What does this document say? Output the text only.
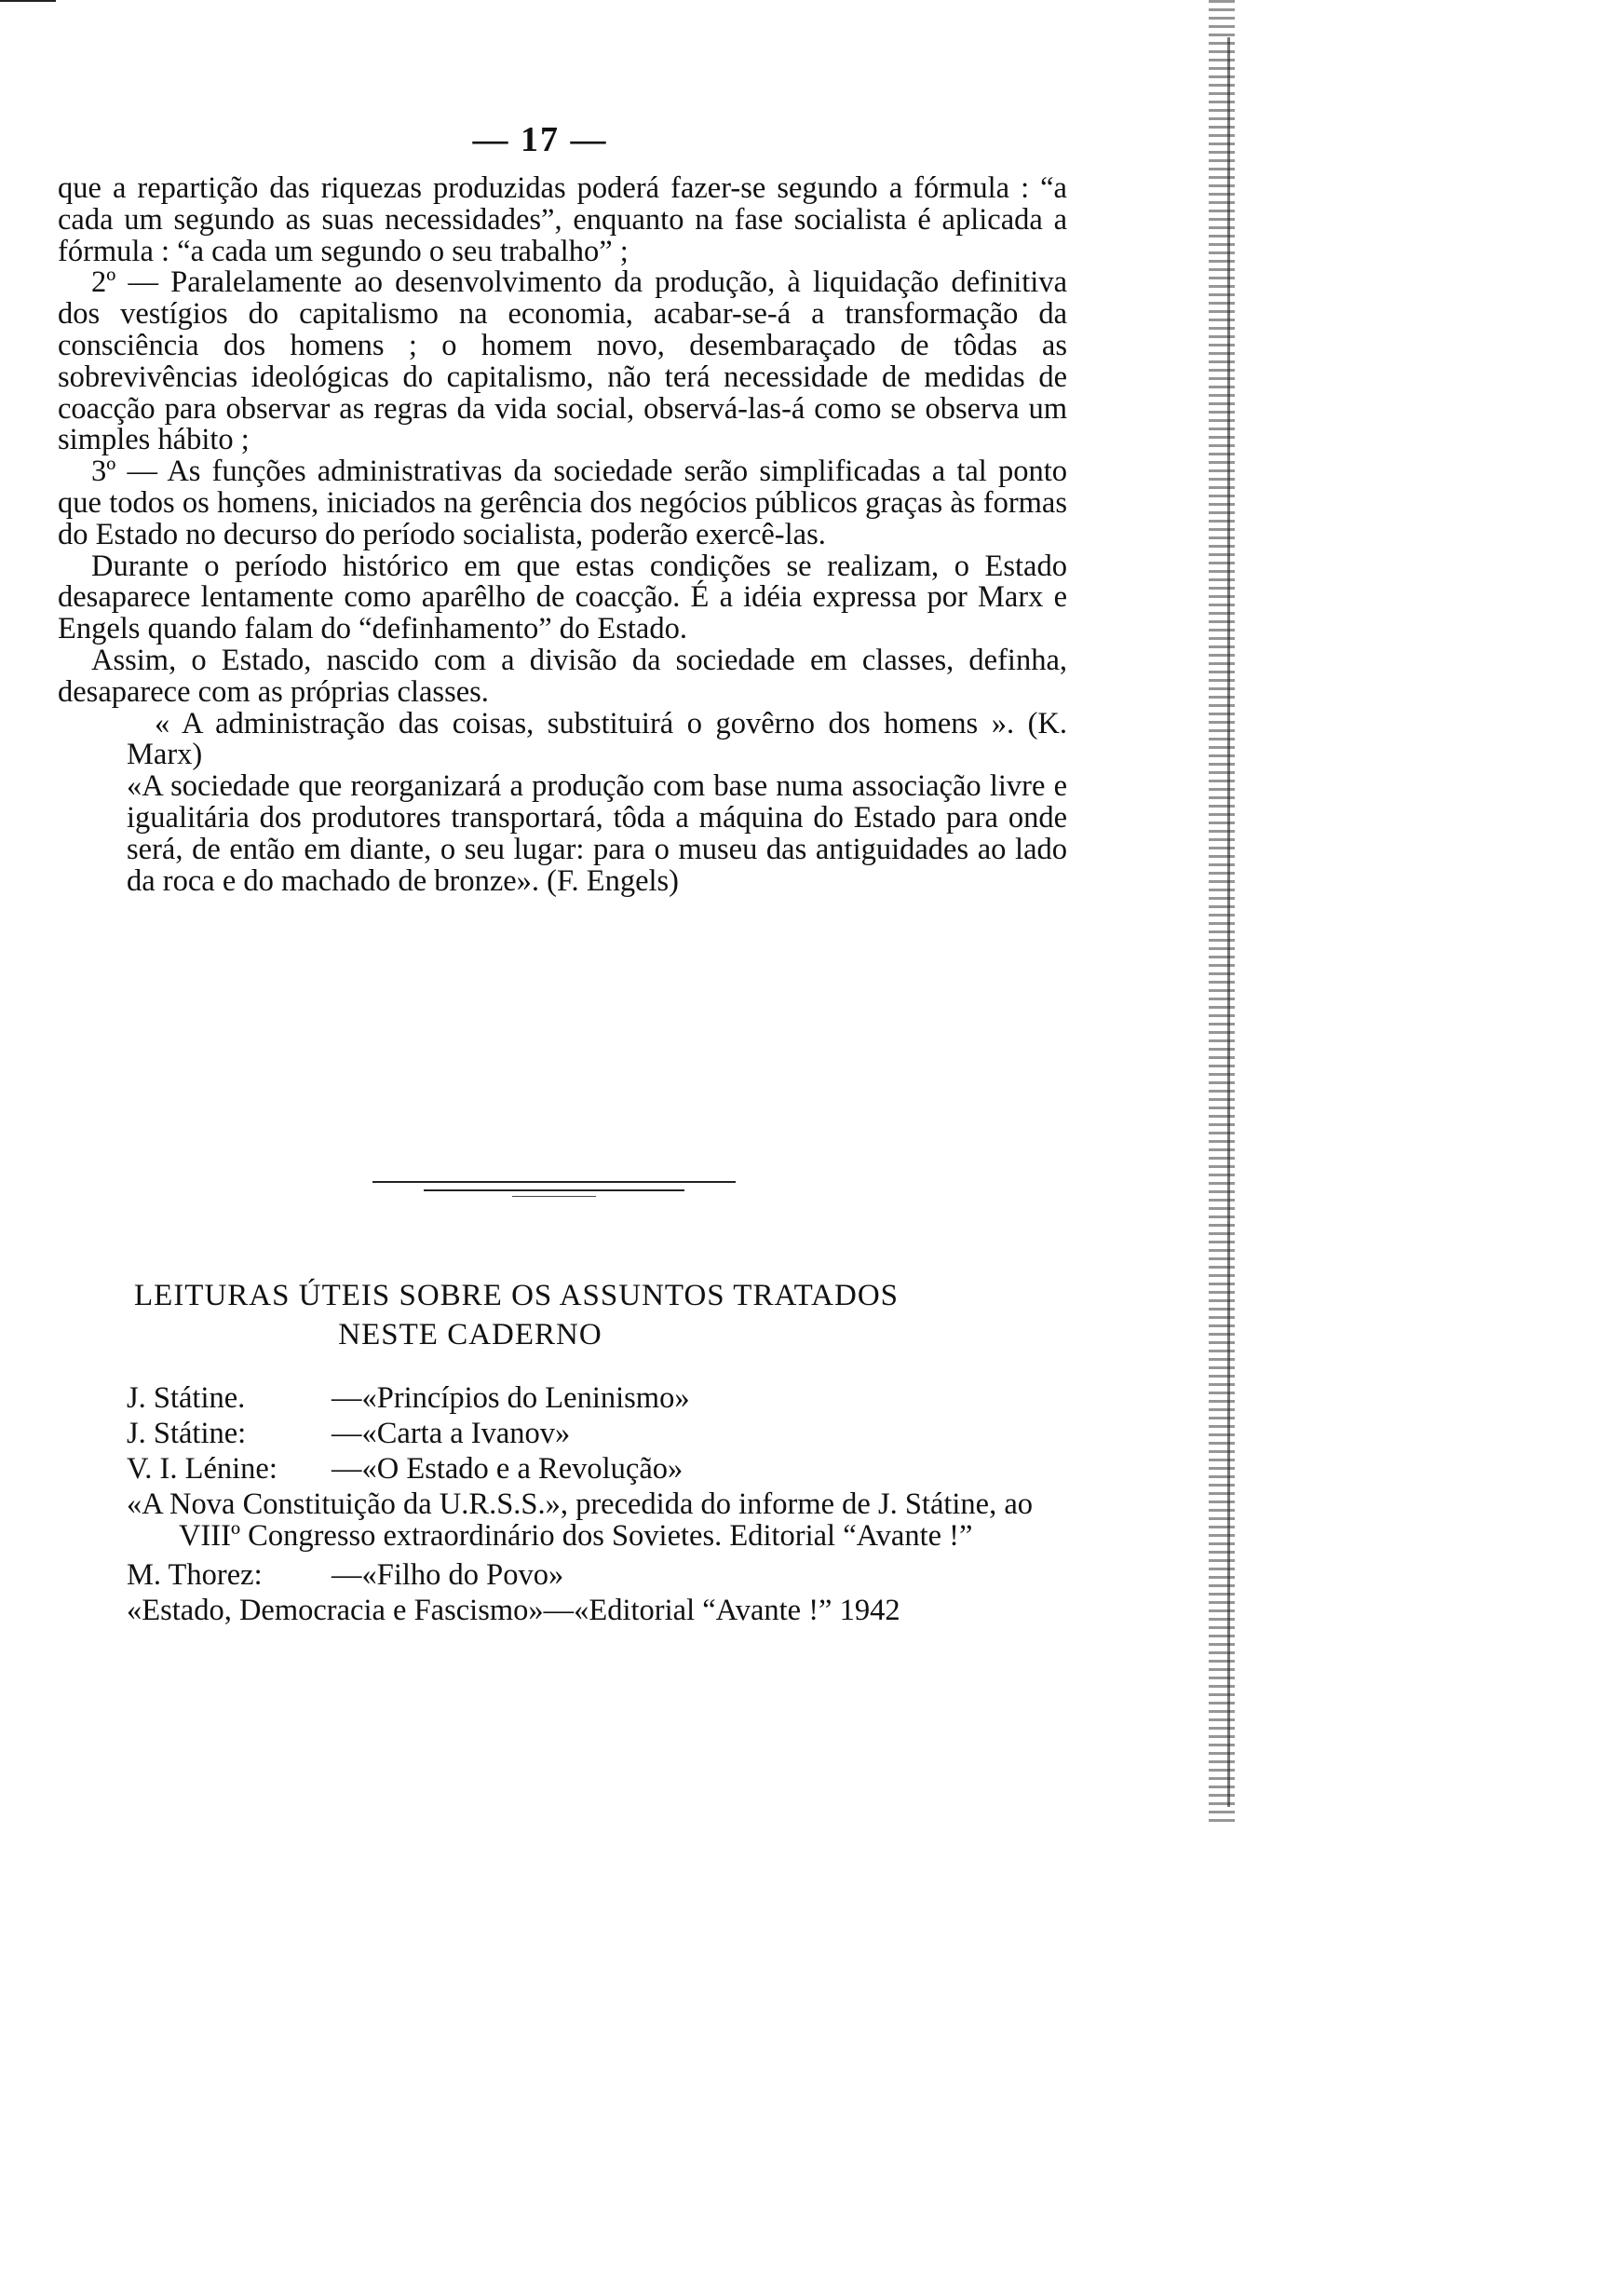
— 17 —

que a repartição das riquezas produzidas poderá fazer-se segundo a fórmula : “a cada um segundo as suas necessidades”, enquanto na fase socialista é aplicada a fórmula : “a cada um segundo o seu trabalho” ;

2º — Paralelamente ao desenvolvimento da produção, à liquidação definitiva dos vestígios do capitalismo na economia, acabar-se-á a transformação da consciência dos homens ; o homem novo, desembaraçado de tôdas as sobrevivências ideológicas do capitalismo, não terá necessidade de medidas de coacção para observar as regras da vida social, observá-las-á como se observa um simples hábito ;

3º — As funções administrativas da sociedade serão simplificadas a tal ponto que todos os homens, iniciados na gerência dos negócios públicos graças às formas do Estado no decurso do período socialista, poderão exercê-las.

Durante o período histórico em que estas condições se realizam, o Estado desaparece lentamente como aparêlho de coacção. É a idéia expressa por Marx e Engels quando falam do “definhamento” do Estado.

Assim, o Estado, nascido com a divisão da sociedade em classes, definha, desaparece com as próprias classes.

« A administração das coisas, substituirá o govêrno dos homens ». (K. Marx)

«A sociedade que reorganizará a produção com base numa associação livre e igualitária dos produtores transportará, tôda a máquina do Estado para onde será, de então em diante, o seu lugar: para o museu das antiguidades ao lado da roca e do machado de bronze». (F. Engels)

LEITURAS ÚTEIS SOBRE OS ASSUNTOS TRATADOS
NESTE CADERNO
J. Státine.	—«Princípios do Leninismo»
J. Státine:	—«Carta a Ivanov»
V. I. Lénine:	—«O Estado e a Revolução»

«A Nova Constituição da U.R.S.S.», precedida do informe de J. Státine, ao VIIIº Congresso extraordinário dos Sovietes. Editorial “Avante !”

M. Thorez:	—«Filho do Povo»

«Estado, Democracia e Fascismo»—«Editorial “Avante !” 1942
